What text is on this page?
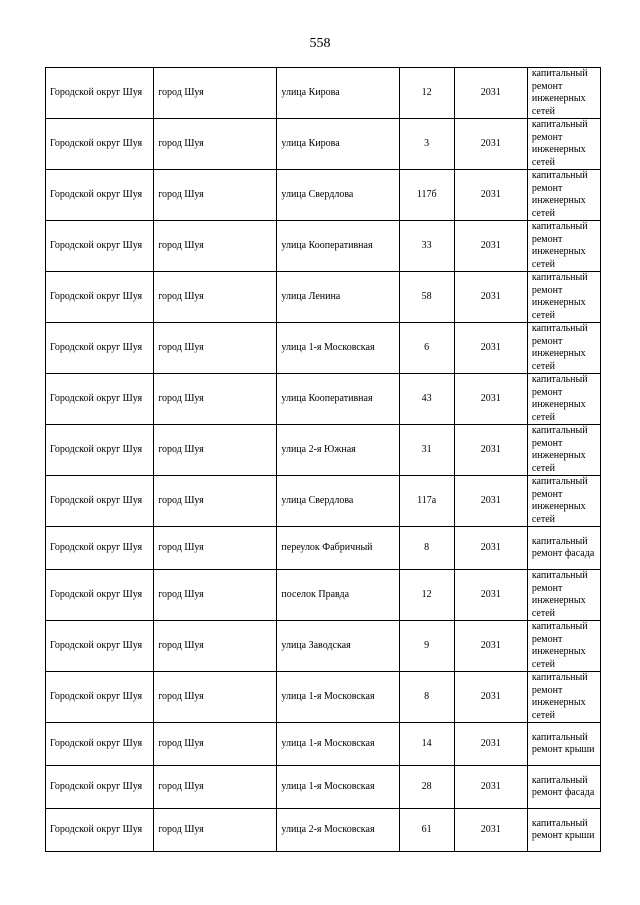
558
Городской округ Шуя	город Шуя	улица Кирова	12	2031	капитальный ремонт инженерных сетей
Городской округ Шуя	город Шуя	улица Кирова	3	2031	капитальный ремонт инженерных сетей
Городской округ Шуя	город Шуя	улица Свердлова	117б	2031	капитальный ремонт инженерных сетей
Городской округ Шуя	город Шуя	улица Кооперативная	33	2031	капитальный ремонт инженерных сетей
Городской округ Шуя	город Шуя	улица Ленина	58	2031	капитальный ремонт инженерных сетей
Городской округ Шуя	город Шуя	улица 1-я Московская	6	2031	капитальный ремонт инженерных сетей
Городской округ Шуя	город Шуя	улица Кооперативная	43	2031	капитальный ремонт инженерных сетей
Городской округ Шуя	город Шуя	улица 2-я Южная	31	2031	капитальный ремонт инженерных сетей
Городской округ Шуя	город Шуя	улица Свердлова	117а	2031	капитальный ремонт инженерных сетей
Городской округ Шуя	город Шуя	переулок Фабричный	8	2031	капитальный ремонт фасада
Городской округ Шуя	город Шуя	поселок Правда	12	2031	капитальный ремонт инженерных сетей
Городской округ Шуя	город Шуя	улица Заводская	9	2031	капитальный ремонт инженерных сетей
Городской округ Шуя	город Шуя	улица 1-я Московская	8	2031	капитальный ремонт инженерных сетей
Городской округ Шуя	город Шуя	улица 1-я Московская	14	2031	капитальный ремонт крыши
Городской округ Шуя	город Шуя	улица 1-я Московская	28	2031	капитальный ремонт фасада
Городской округ Шуя	город Шуя	улица 2-я Московская	61	2031	капитальный ремонт крыши
